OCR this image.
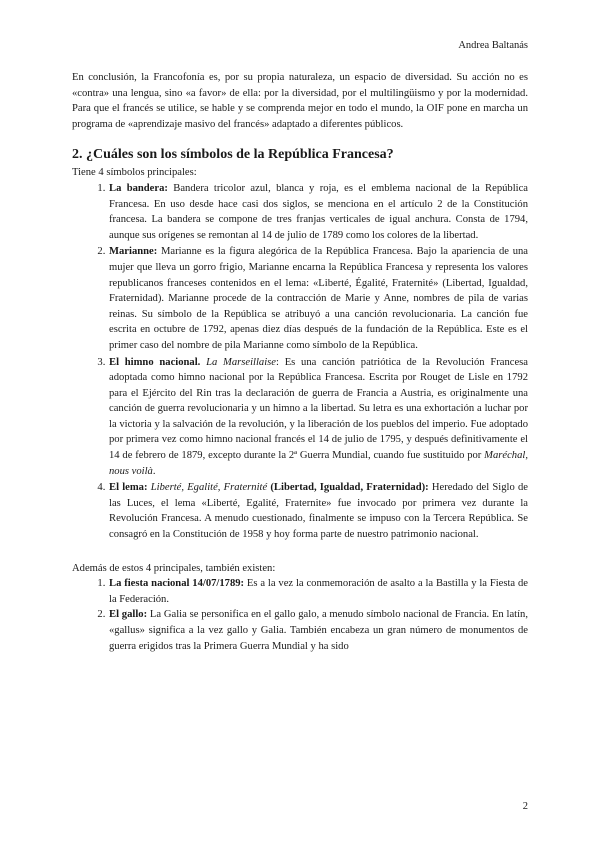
Andrea Baltanás

En conclusión, la Francofonía es, por su propia naturaleza, un espacio de diversidad. Su acción no es «contra» una lengua, sino «a favor» de ella: por la diversidad, por el multilingüismo y por la modernidad. Para que el francés se utilice, se hable y se comprenda mejor en todo el mundo, la OIF pone en marcha un programa de «aprendizaje masivo del francés» adaptado a diferentes públicos.

2. ¿Cuáles son los símbolos de la República Francesa?

Tiene 4 símbolos principales:

1. La bandera: Bandera tricolor azul, blanca y roja, es el emblema nacional de la República Francesa. En uso desde hace casi dos siglos, se menciona en el artículo 2 de la Constitución francesa. La bandera se compone de tres franjas verticales de igual anchura. Consta de 1794, aunque sus orígenes se remontan al 14 de julio de 1789 como los colores de la libertad.
2. Marianne: Marianne es la figura alegórica de la República Francesa. Bajo la apariencia de una mujer que lleva un gorro frigio, Marianne encarna la República Francesa y representa los valores republicanos franceses contenidos en el lema: «Liberté, Égalité, Fraternité» (Libertad, Igualdad, Fraternidad). Marianne procede de la contracción de Marie y Anne, nombres de pila de varias reinas. Su símbolo de la República se atribuyó a una canción revolucionaria. La canción fue escrita en octubre de 1792, apenas diez días después de la fundación de la República. Este es el primer caso del nombre de pila Marianne como símbolo de la República.
3. El himno nacional. La Marseillaise: Es una canción patriótica de la Revolución Francesa adoptada como himno nacional por la República Francesa. Escrita por Rouget de Lisle en 1792 para el Ejército del Rin tras la declaración de guerra de Francia a Austria, es originalmente una canción de guerra revolucionaria y un himno a la libertad. Su letra es una exhortación a luchar por la victoria y la salvación de la revolución, y la liberación de los pueblos del imperio. Fue adoptado por primera vez como himno nacional francés el 14 de julio de 1795, y después definitivamente el 14 de febrero de 1879, excepto durante la 2ª Guerra Mundial, cuando fue sustituido por Maréchal, nous voilà.
4. El lema: Liberté, Egalité, Fraternité (Libertad, Igualdad, Fraternidad): Heredado del Siglo de las Luces, el lema «Liberté, Egalité, Fraternite» fue invocado por primera vez durante la Revolución Francesa. A menudo cuestionado, finalmente se impuso con la Tercera República. Se consagró en la Constitución de 1958 y hoy forma parte de nuestro patrimonio nacional.

Además de estos 4 principales, también existen:

1. La fiesta nacional 14/07/1789: Es a la vez la conmemoración de asalto a la Bastilla y la Fiesta de la Federación.
2. El gallo: La Galia se personifica en el gallo galo, a menudo símbolo nacional de Francia. En latín, «gallus» significa a la vez gallo y Galia. También encabeza un gran número de monumentos de guerra erigidos tras la Primera Guerra Mundial y ha sido
2
